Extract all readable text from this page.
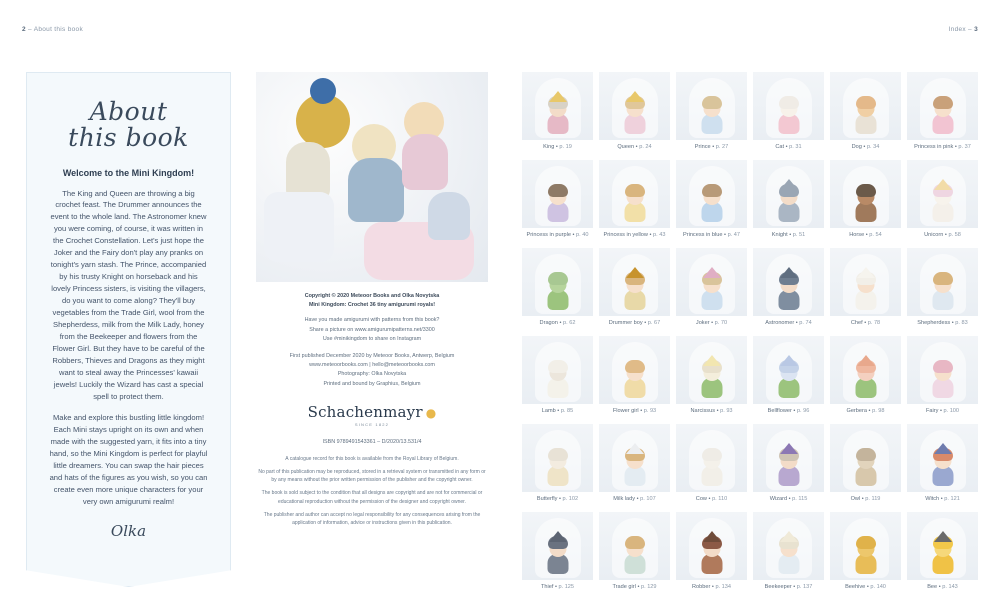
2 – About this book	Index – 3
About
this book
Welcome to the Mini Kingdom!

The King and Queen are throwing a big crochet feast. The Drummer announces the event to the whole land. The Astronomer knew you were coming, of course, it was written in the Crochet Constellation. Let's just hope the Joker and the Fairy don't play any pranks on tonight's yarn stash. The Prince, accompanied by his trusty Knight on horseback and his lovely Princess sisters, is visiting the villagers, do you want to come along? They'll buy vegetables from the Trade Girl, wool from the Shepherdess, milk from the Milk Lady, honey from the Beekeeper and flowers from the Flower Girl. But they have to be careful of the Robbers, Thieves and Dragons as they might want to steal away the Princesses' kawaii jewels! Luckily the Wizard has cast a special spell to protect them.

Make and explore this bustling little kingdom! Each Mini stays upright on its own and when made with the suggested yarn, it fits into a tiny hand, so the Mini Kingdom is perfect for playful little dreamers. You can swap the hair pieces and hats of the figures as you wish, so you can create even more unique characters for your very own amigurumi realm!

Olka

Copyright © 2020 Meteoor Books and Olka Novytska
Mini Kingdom: Crochet 36 tiny amigurumi royals!

Have you made amigurumi with patterns from this book?
Share a picture on www.amigurumipatterns.net/3300
Use #minikingdom to share on Instagram

First published December 2020 by Meteoor Books, Antwerp, Belgium
www.meteoorbooks.com | hello@meteoorbooks.com
Photography: Olka Novytska
Printed and bound by Graphius, Belgium

Schachenmayr ●
SINCE 1822
ISBN 9789491543361 – D/2020/13.531/4

A catalogue record for this book is available from the Royal Library of Belgium.

No part of this publication may be reproduced, stored in a retrieval system or transmitted in any form or by any means without the prior written permission of the publisher and the copyright owner.

The book is sold subject to the condition that all designs are copyright and are not for commercial or educational reproduction without the permission of the designer and copyright owner.

The publisher and author can accept no legal responsibility for any consequences arising from the application of information, advice or instructions given in this publication.

King • p. 19	Queen • p. 24	Prince • p. 27	Cat • p. 31	Dog • p. 34	Princess in pink • p. 37
Princess in purple • p. 40	Princess in yellow • p. 43	Princess in blue • p. 47	Knight • p. 51	Horse • p. 54	Unicorn • p. 58
Dragon • p. 62	Drummer boy • p. 67	Joker • p. 70	Astronomer • p. 74	Chef • p. 78	Shepherdess • p. 83
Lamb • p. 85	Flower girl • p. 93	Narcissus • p. 93	Bellflower • p. 96	Gerbera • p. 98	Fairy • p. 100
Butterfly • p. 102	Milk lady • p. 107	Cow • p. 110	Wizard • p. 115	Owl • p. 119	Witch • p. 121
Thief • p. 125	Trade girl • p. 129	Robber • p. 134	Beekeeper • p. 137	Beehive • p. 140	Bee • p. 143
